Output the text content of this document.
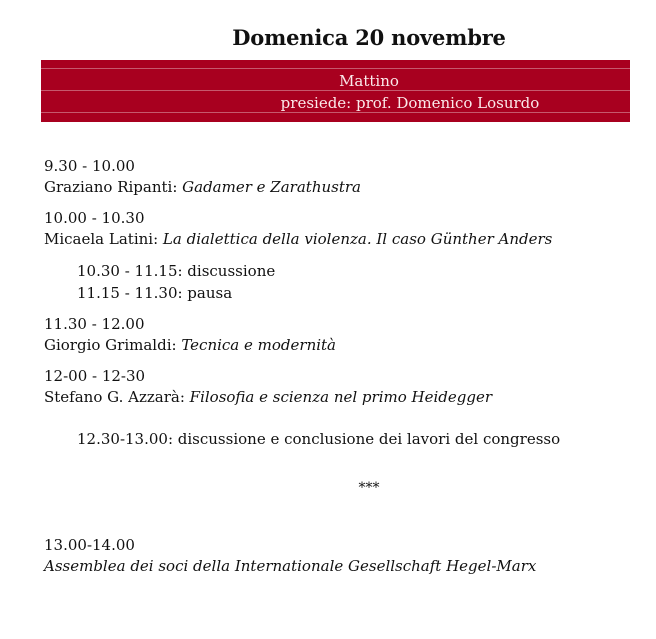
Domenica 20 novembre
Mattino
presiede: prof. Domenico Losurdo
9.30 - 10.00
Graziano Ripanti: Gadamer e Zarathustra
10.00 - 10.30
Micaela Latini: La dialettica della violenza. Il caso Günther Anders
10.30 - 11.15: discussione
11.15 - 11.30: pausa
11.30 - 12.00
Giorgio Grimaldi: Tecnica e modernità
12-00 - 12-30
Stefano G. Azzarà: Filosofia e scienza nel primo Heidegger
12.30-13.00: discussione e conclusione dei lavori del congresso
***
13.00-14.00
Assemblea dei soci della Internationale Gesellschaft Hegel-Marx
